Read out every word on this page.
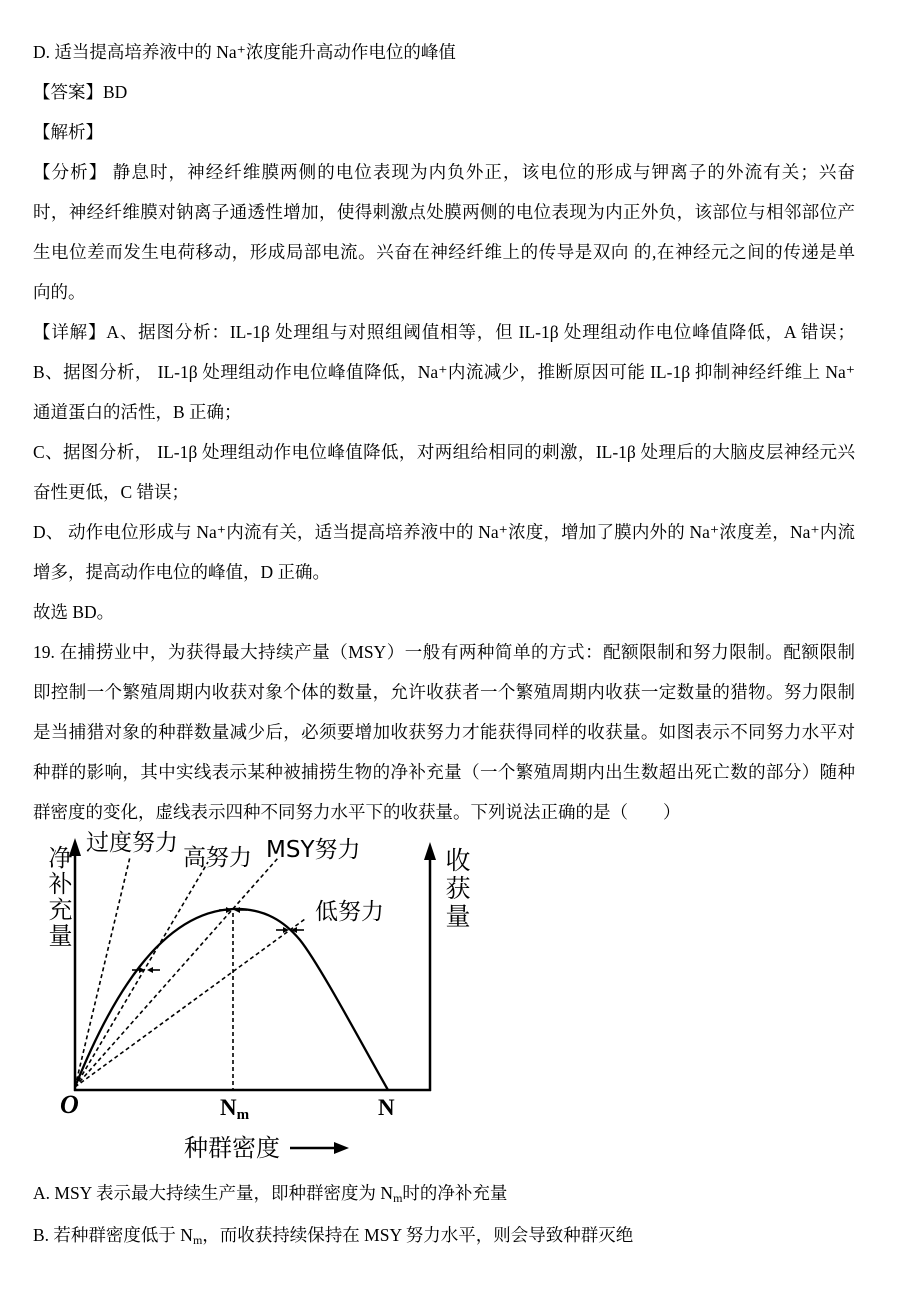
D. 适当提高培养液中的 Na⁺浓度能升高动作电位的峰值
【答案】BD
【解析】
【分析】 静息时，神经纤维膜两侧的电位表现为内负外正，该电位的形成与钾离子的外流有关；兴奋
时，神经纤维膜对钠离子通透性增加，使得刺激点处膜两侧的电位表现为内正外负，该部位与相邻部位产
生电位差而发生电荷移动，形成局部电流。兴奋在神经纤维上的传导是双向 的,在神经元之间的传递是单
向的。
【详解】A、据图分析：IL-1β 处理组与对照组阈值相等，但 IL-1β 处理组动作电位峰值降低，A 错误；
B、据图分析， IL-1β 处理组动作电位峰值降低，Na⁺内流减少，推断原因可能 IL-1β 抑制神经纤维上 Na⁺
通道蛋白的活性，B 正确；
C、据图分析， IL-1β 处理组动作电位峰值降低，对两组给相同的刺激，IL-1β 处理后的大脑皮层神经元兴
奋性更低，C 错误；
D、 动作电位形成与 Na⁺内流有关，适当提高培养液中的 Na⁺浓度，增加了膜内外的 Na⁺浓度差，Na⁺内流
增多，提高动作电位的峰值，D 正确。
故选 BD。
19. 在捕捞业中，为获得最大持续产量（MSY）一般有两种简单的方式：配额限制和努力限制。配额限制
即控制一个繁殖周期内收获对象个体的数量，允许收获者一个繁殖周期内收获一定数量的猎物。努力限制
是当捕猎对象的种群数量减少后，必须要增加收获努力才能获得同样的收获量。如图表示不同努力水平对
种群的影响，其中实线表示某种被捕捞生物的净补充量（一个繁殖周期内出生数超出死亡数的部分）随种
群密度的变化，虚线表示四种不同努力水平下的收获量。下列说法正确的是（　　）
净补充量	收获量
过度努力
高努力 MSY努力
低努力
O	Nm	N
种群密度
A. MSY 表示最大持续生产量，即种群密度为 $N_m$时的净补充量
B. 若种群密度低于 $N_m$，而收获持续保持在 MSY 努力水平，则会导致种群灭绝
